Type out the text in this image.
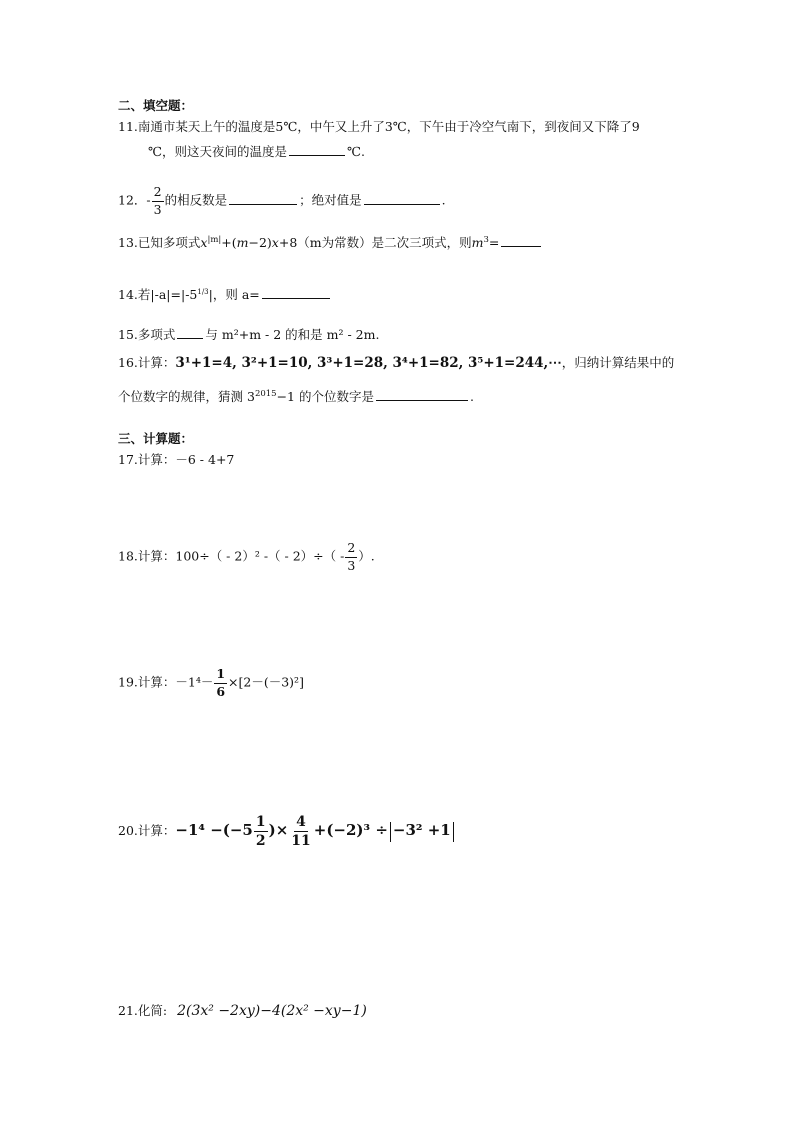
二、填空题：
11.南通市某天上午的温度是5℃，中午又上升了3℃，下午由于冷空气南下，到夜间又下降了9
℃，则这天夜间的温度是	℃.
12．- $\frac{2}{3}$ 的相反数是	；绝对值是	.
13.已知多项式$x^{|m|}+(m-2)x+8(m$为常数）是二次三项式，则$m^3=$
14.若$|-a|=|-5^{1/3}|$，则 a=
15.多项式 与 m²+m - 2 的和是 m² - 2m.
16.计算：3¹+1=4, 3²+1=10, 3³+1=28, 3⁴+1=82, 3⁵+1=244,⋯，归纳计算结果中的
个位数字的规律，猜测 $3^{2015}-1$ 的个位数字是	.
三、计算题：
17.计算：－6 - 4+7
18.计算：100÷（ - 2）² -（ - $2)\div( - \frac{2}{3}$ ）.
19.计算：$-1^4- \frac{1}{6} \times[2-(-3)^2]$
20.计算：$-1^4 -(-5 \frac{1}{2}$ )× $\frac{4}{11} +(-2)^3 \div -3^2 +1$
21.化简: 2(3x² −2xy)−4(2x² −xy−1)
